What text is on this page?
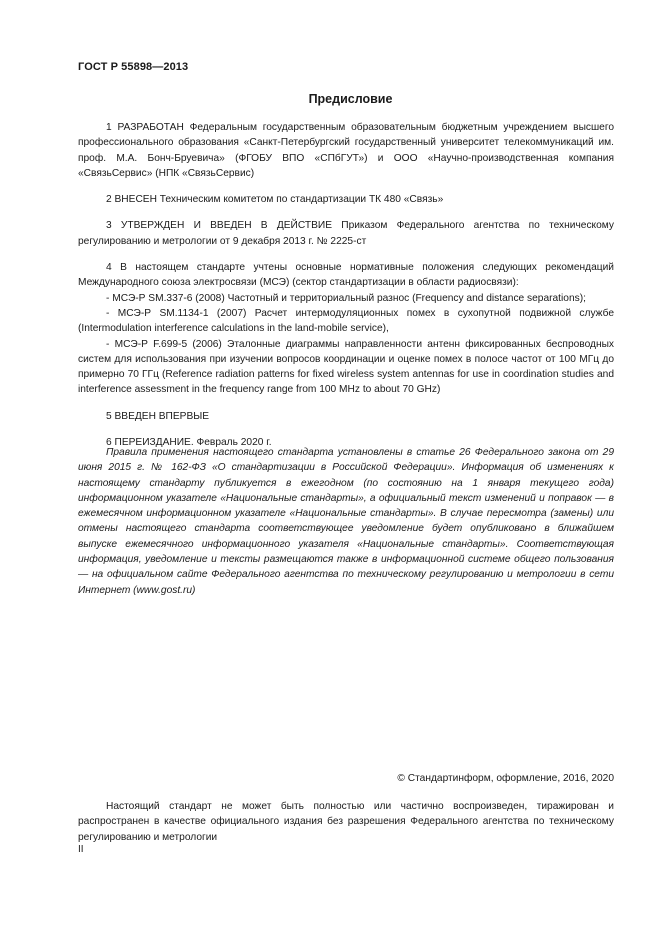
ГОСТ Р 55898—2013
Предисловие

1 РАЗРАБОТАН Федеральным государственным образовательным бюджетным учреждением высшего профессионального образования «Санкт-Петербургский государственный университет телекоммуникаций им. проф. М.А. Бонч-Бруевича» (ФГОБУ ВПО «СПбГУТ») и ООО «Научно-производственная компания «СвязьСервис» (НПК «СвязьСервис)

2 ВНЕСЕН Техническим комитетом по стандартизации ТК 480 «Связь»

3 УТВЕРЖДЕН И ВВЕДЕН В ДЕЙСТВИЕ Приказом Федерального агентства по техническому регулированию и метрологии от 9 декабря 2013 г. № 2225-ст

4 В настоящем стандарте учтены основные нормативные положения следующих рекомендаций Международного союза электросвязи (МСЭ) (сектор стандартизации в области радиосвязи):

- МСЭ-Р SM.337-6 (2008) Частотный и территориальный разнос (Frequency and distance separations);

- МСЭ-Р SM.1134-1 (2007) Расчет интермодуляционных помех в сухопутной подвижной службе (Intermodulation interference calculations in the land-mobile service),

- МСЭ-Р F.699-5 (2006) Эталонные диаграммы направленности антенн фиксированных беспроводных систем для использования при изучении вопросов координации и оценке помех в полосе частот от 100 МГц до примерно 70 ГГц (Reference radiation patterns for fixed wireless system antennas for use in coordination studies and interference assessment in the frequency range from 100 MHz to about 70 GHz)

5 ВВЕДЕН ВПЕРВЫЕ

6 ПЕРЕИЗДАНИЕ. Февраль 2020 г.

Правила применения настоящего стандарта установлены в статье 26 Федерального закона от 29 июня 2015 г. № 162-ФЗ «О стандартизации в Российской Федерации». Информация об изменениях к настоящему стандарту публикуется в ежегодном (по состоянию на 1 января текущего года) информационном указателе «Национальные стандарты», а официальный текст изменений и поправок — в ежемесячном информационном указателе «Национальные стандарты». В случае пересмотра (замены) или отмены настоящего стандарта соответствующее уведомление будет опубликовано в ближайшем выпуске ежемесячного информационного указателя «Национальные стандарты». Соответствующая информация, уведомление и тексты размещаются также в информационной системе общего пользования — на официальном сайте Федерального агентства по техническому регулированию и метрологии в сети Интернет (www.gost.ru)
© Стандартинформ, оформление, 2016, 2020
Настоящий стандарт не может быть полностью или частично воспроизведен, тиражирован и распространен в качестве официального издания без разрешения Федерального агентства по техническому регулированию и метрологии
II
